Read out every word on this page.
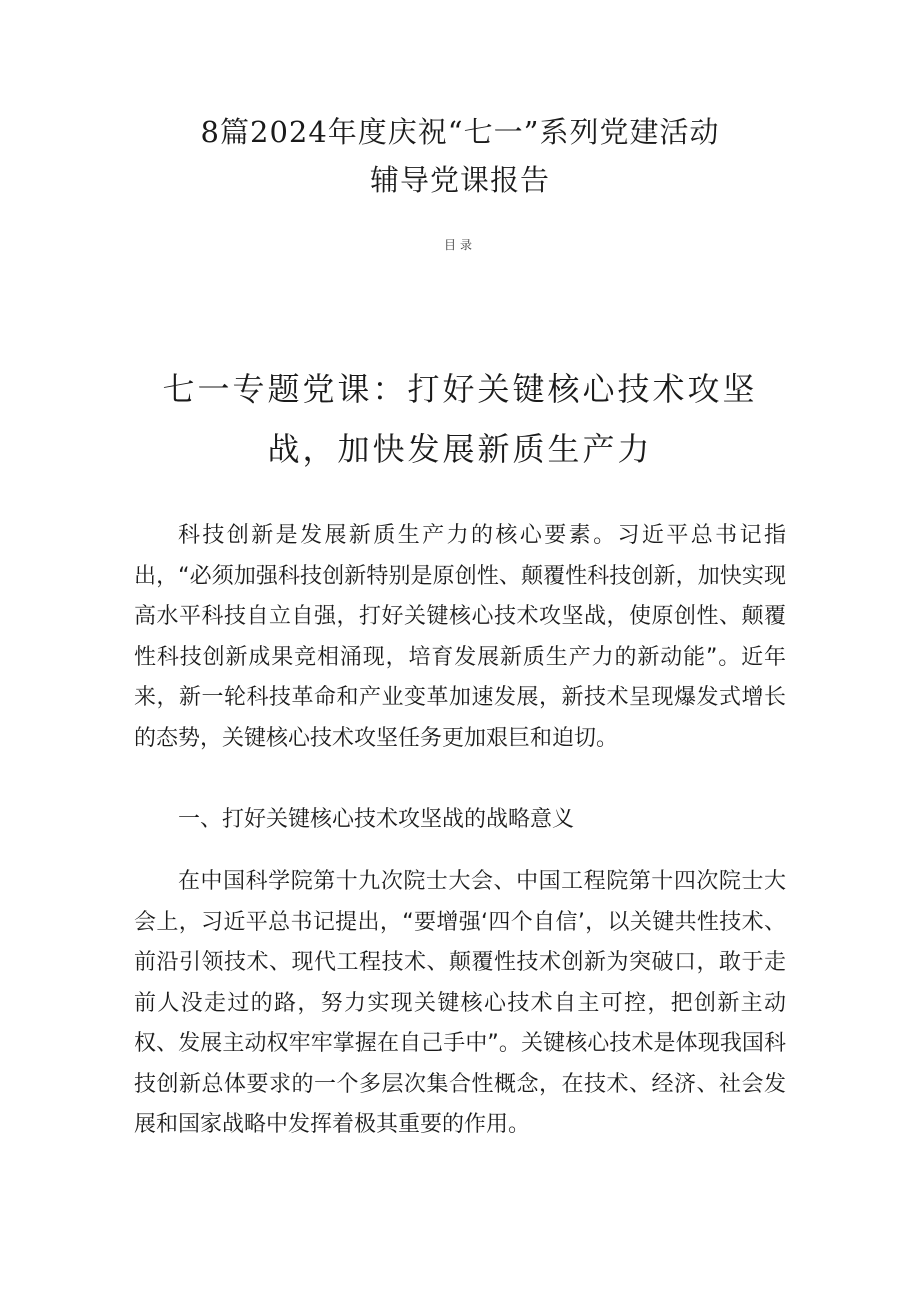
8篇2024年度庆祝“七一”系列党建活动
辅导党课报告
目录
七一专题党课：打好关键核心技术攻坚
战，加快发展新质生产力

科技创新是发展新质生产力的核心要素。习近平总书记指出，“必须加强科技创新特别是原创性、颠覆性科技创新，加快实现高水平科技自立自强，打好关键核心技术攻坚战，使原创性、颠覆性科技创新成果竞相涌现，培育发展新质生产力的新动能”。近年来，新一轮科技革命和产业变革加速发展，新技术呈现爆发式增长的态势，关键核心技术攻坚任务更加艰巨和迫切。

一、打好关键核心技术攻坚战的战略意义

在中国科学院第十九次院士大会、中国工程院第十四次院士大会上，习近平总书记提出，“要增强‘四个自信’，以关键共性技术、前沿引领技术、现代工程技术、颠覆性技术创新为突破口，敢于走前人没走过的路，努力实现关键核心技术自主可控，把创新主动权、发展主动权牢牢掌握在自己手中”。关键核心技术是体现我国科技创新总体要求的一个多层次集合性概念，在技术、经济、社会发展和国家战略中发挥着极其重要的作用。
